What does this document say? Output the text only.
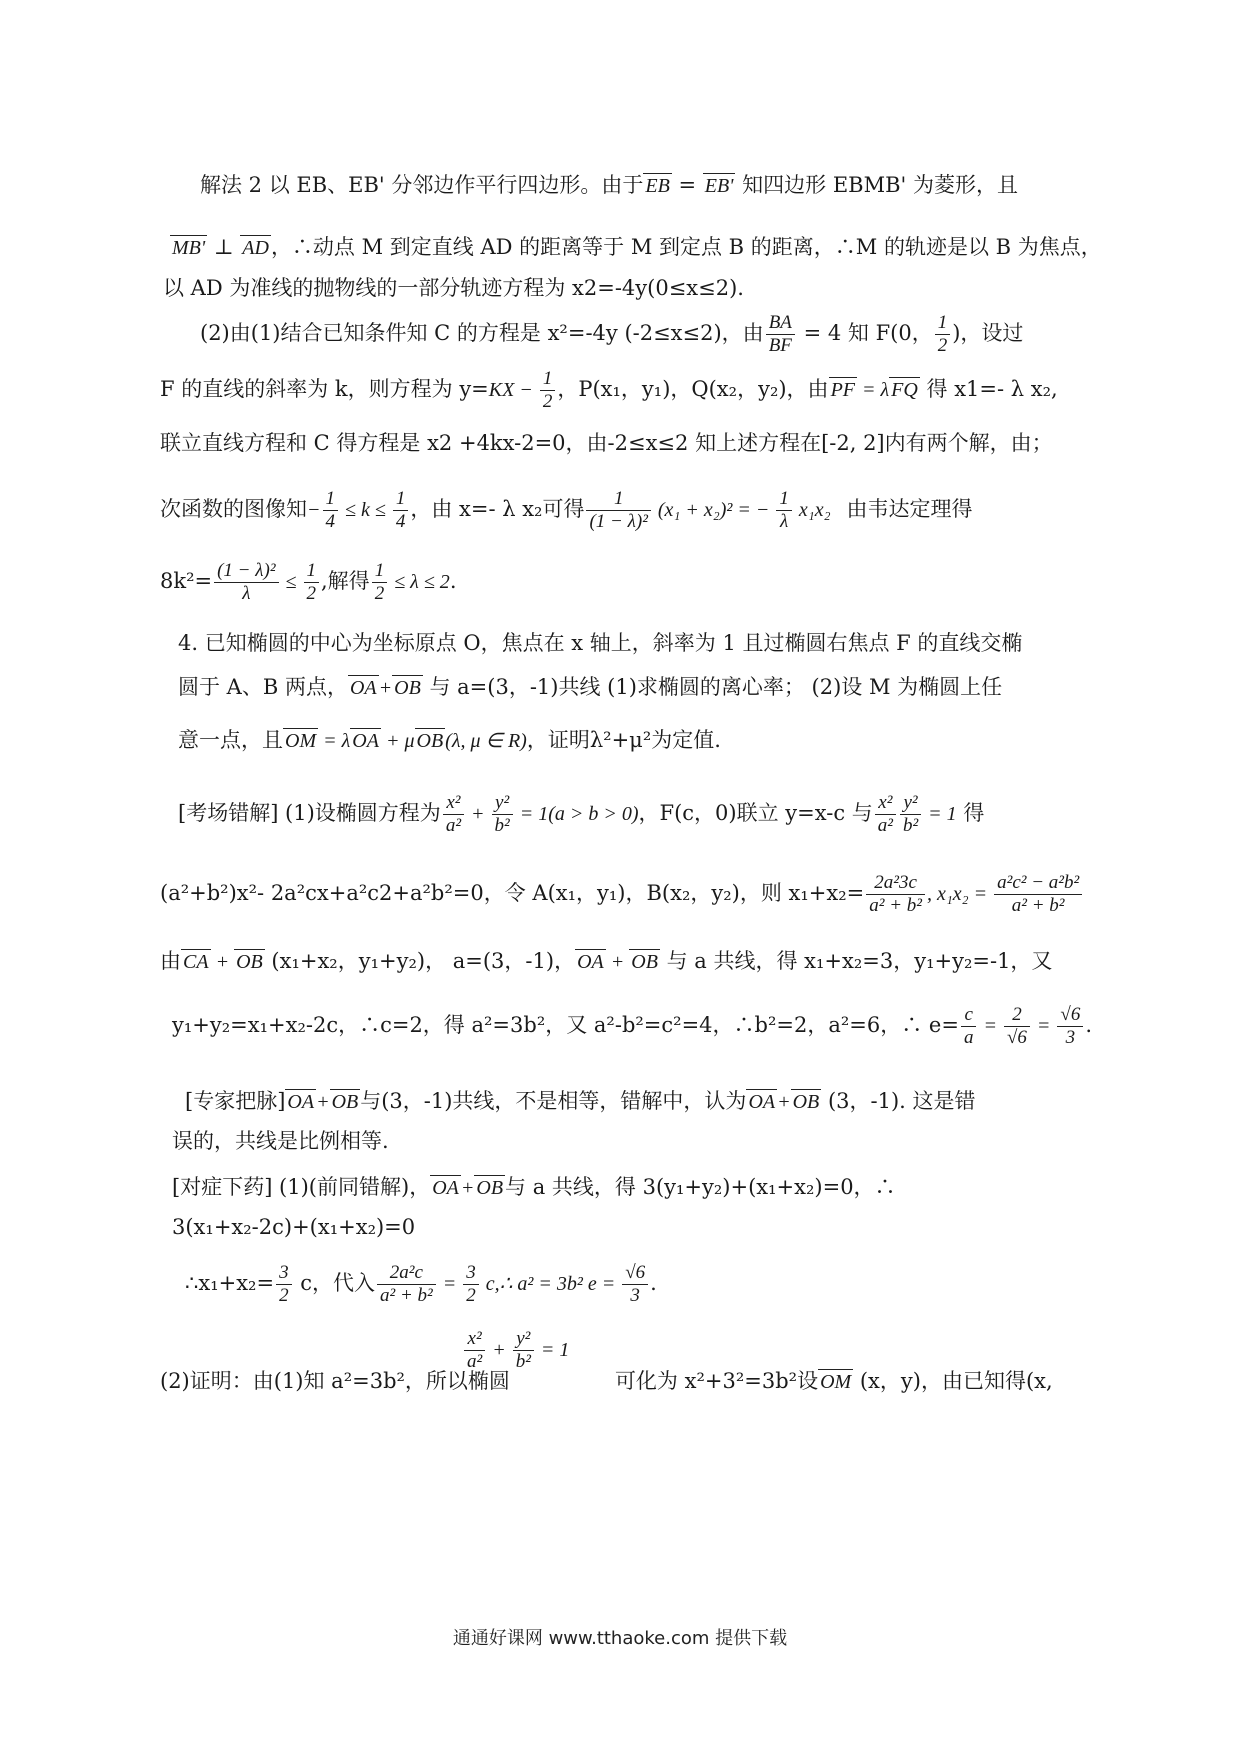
解法 2 以 EB、EB' 分邻边作平行四边形。由于 EB = EB' 知四边形 EBMB' 为菱形，且
MB' ⊥ AD，∴动点 M 到定直线 AD 的距离等于 M 到定点 B 的距离，∴M 的轨迹是以 B 为焦点，
以 AD 为准线的抛物线的一部分轨迹方程为 x2=-4y(0≤x≤2).
(2)由(1)结合已知条件知 C 的方程是 x²=-4y (-2≤x≤2)，由 $\frac{BA}{BF} = 4$ 知 F(0， $\frac{1}{2}$ )，设过
F 的直线的斜率为 k，则方程为 $y=KX - \frac{1}{2}$ ，P(x₁，y₁)，Q(x₂，y₂)，由 PF = λ FQ 得 x1=- λ x₂,
联立直线方程和 C 得方程是 x2 +4kx-2=0，由-2≤x≤2 知上述方程在[-2, 2]内有两个解，由；
次函数的图像知− $\frac{1}{4} \le k \le \frac{1}{4}$ ，由 x=- λ x₂可得 $\frac{1}{\text{(1 − λ)²}} (x_1 + x_2)^2$ = − $\frac{1}{\lambda} x_1x_2$ 由韦达定理得
$8k^2= \frac{\text{(1 − λ)²}}{\lambda} \le \frac{1}{2}$ ,解得 $\frac{1}{2} \le \lambda \le 2$.
4. 已知椭圆的中心为坐标原点 O，焦点在 x 轴上，斜率为 1 且过椭圆右焦点 F 的直线交椭
圆于 A、B 两点， OA + OB 与 a=(3，-1)共线 (1)求椭圆的离心率； (2)设 M 为椭圆上任
意一点，且 OM = λ OA + μ OB (λ, μ ∈ R)，证明λ²+μ²为定值.
[考场错解] (1)设椭圆方程为 $\frac{\text{x²}}{\text{a²}} + \frac{\text{y²}}{\text{b²}} = 1(a > b > 0)$，F(c，0)联立 y=x-c 与 $\frac{\text{x²}}{\text{a²}} \frac{\text{y²}}{\text{b²}} = 1$ 得
(a²+b²)x²- 2a²cx+a²c2+a²b²=0，令 A(x₁，y₁)，B(x₂，y₂)，则 $x_1+x_2= \frac{\text{2a²3c}}{\text{a² + b²}}$ , $x_1x_2 = \frac{\text{a²c² − a²b²}}{\text{a² + b²}}$
由 CA + OB (x₁+x₂，y₁+y₂)， a=(3，-1)， OA + OB 与 a 共线，得 x₁+x₂=3，y₁+y₂=-1，又
y₁+y₂=x₁+x₂-2c，∴c=2，得 a²=3b²，又 a²-b²=c²=4，∴b²=2，a²=6，∴ $e= \frac{c}{a} = \frac{2}{√6} = \frac{√6}{3}$ .
[专家把脉] OA + OB与(3，-1)共线，不是相等，错解中，认为 OA + OB (3，-1). 这是错
误的，共线是比例相等.
[对症下药] (1)(前同错解)， OA + OB与 a 共线，得 3(y₁+y₂)+(x₁+x₂)=0，∴
3(x₁+x₂-2c)+(x₁+x₂)=0
∴x₁+x₂= $\frac{3}{2}$ c，代入 $\frac{\text{2a²c}}{\text{a² + b²}} = \frac{3}{2}$ c,∴ a² = 3b² $e = \frac{√6}{3}$ .
$\frac{\text{x²}}{\text{a²}} + \frac{\text{y²}}{\text{b²}} = 1$
(2)证明：由(1)知 a²=3b²，所以椭圆	可化为 x²+3²=3b²设 OM (x，y)，由已知得(x,
通通好课网 www.tthaoke.com 提供下载
